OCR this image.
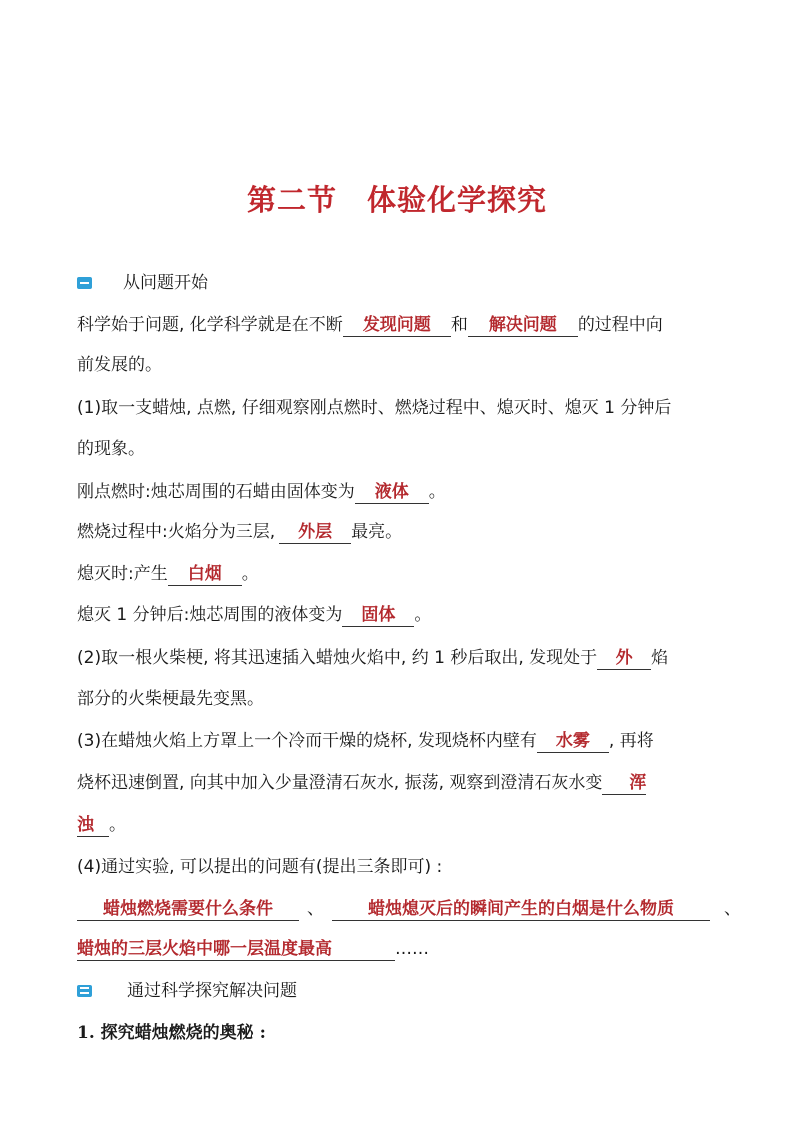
第二节　体验化学探究
从问题开始
科学始于问题, 化学科学就是在不断 发现问题 和 解决问题 的过程中向
前发展的。
(1)取一支蜡烛, 点燃, 仔细观察刚点燃时、燃烧过程中、熄灭时、熄灭 1 分钟后
的现象。
刚点燃时:烛芯周围的石蜡由固体变为 液体 。
燃烧过程中:火焰分为三层, 外层 最亮。
熄灭时:产生 白烟 。
熄灭 1 分钟后:烛芯周围的液体变为 固体 。
(2)取一根火柴梗, 将其迅速插入蜡烛火焰中, 约 1 秒后取出, 发现处于 外 焰
部分的火柴梗最先变黑。
(3)在蜡烛火焰上方罩上一个冷而干燥的烧杯, 发现烧杯内壁有 水雾 , 再将
烧杯迅速倒置, 向其中加入少量澄清石灰水, 振荡, 观察到澄清石灰水变 浑
浊 。
(4)通过实验, 可以提出的问题有(提出三条即可) :
蜡烛燃烧需要什么条件 、	蜡烛熄灭后的瞬间产生的白烟是什么物质	、
蜡烛的三层火焰中哪一层温度最高	……
通过科学探究解决问题
1. 探究蜡烛燃烧的奥秘 :
